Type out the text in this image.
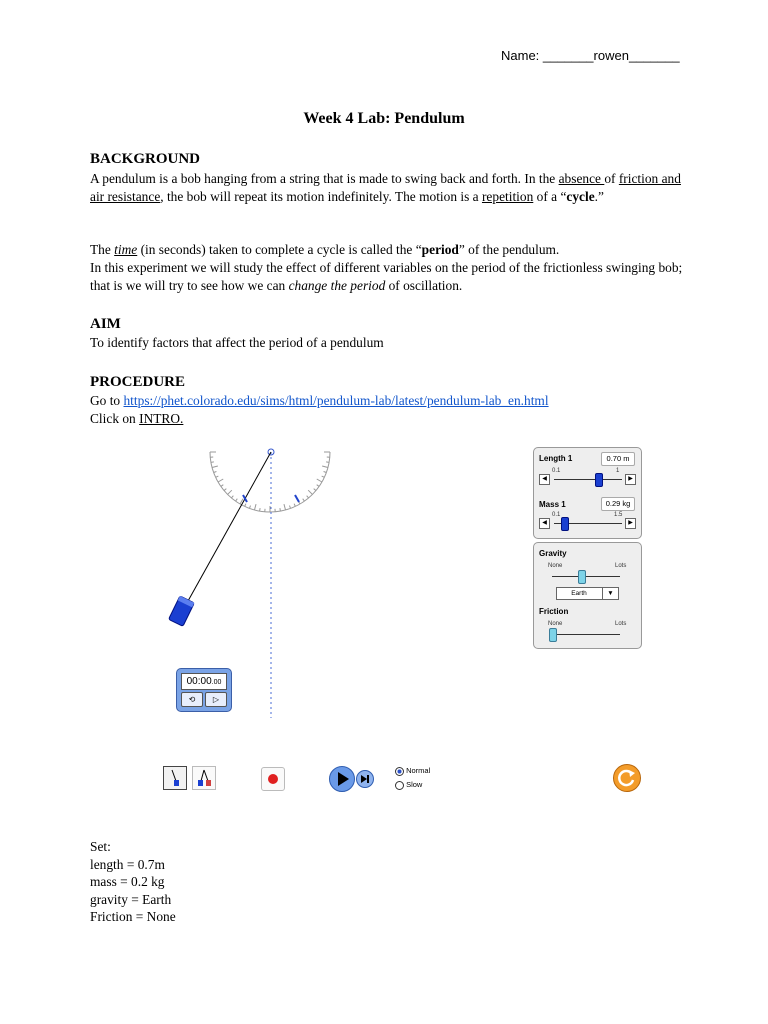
Name: _______rowen_______
Week 4 Lab: Pendulum
BACKGROUND
A pendulum is a bob hanging from a string that is made to swing back and forth. In the absence of friction and air resistance, the bob will repeat its motion indefinitely. The motion is a repetition of a “cycle.”
The time (in seconds) taken to complete a cycle is called the “period” of the pendulum.
In this experiment we will study the effect of different variables on the period of the frictionless swinging bob; that is we will try to see how we can change the period of oscillation.
AIM
To identify factors that affect the period of a pendulum
PROCEDURE
Go to https://phet.colorado.edu/sims/html/pendulum-lab/latest/pendulum-lab_en.html
Click on INTRO.
Length 1	0.70 m
0.1	1
◀	▶
Mass 1	0.29 kg
0.1	1.5
◀	▶
Gravity
None	Lots
Earth	▼
Friction
None	Lots
Normal
Slow
00:00.00
⟲	▷
Set:
length = 0.7m
mass = 0.2 kg
gravity = Earth
Friction = None
